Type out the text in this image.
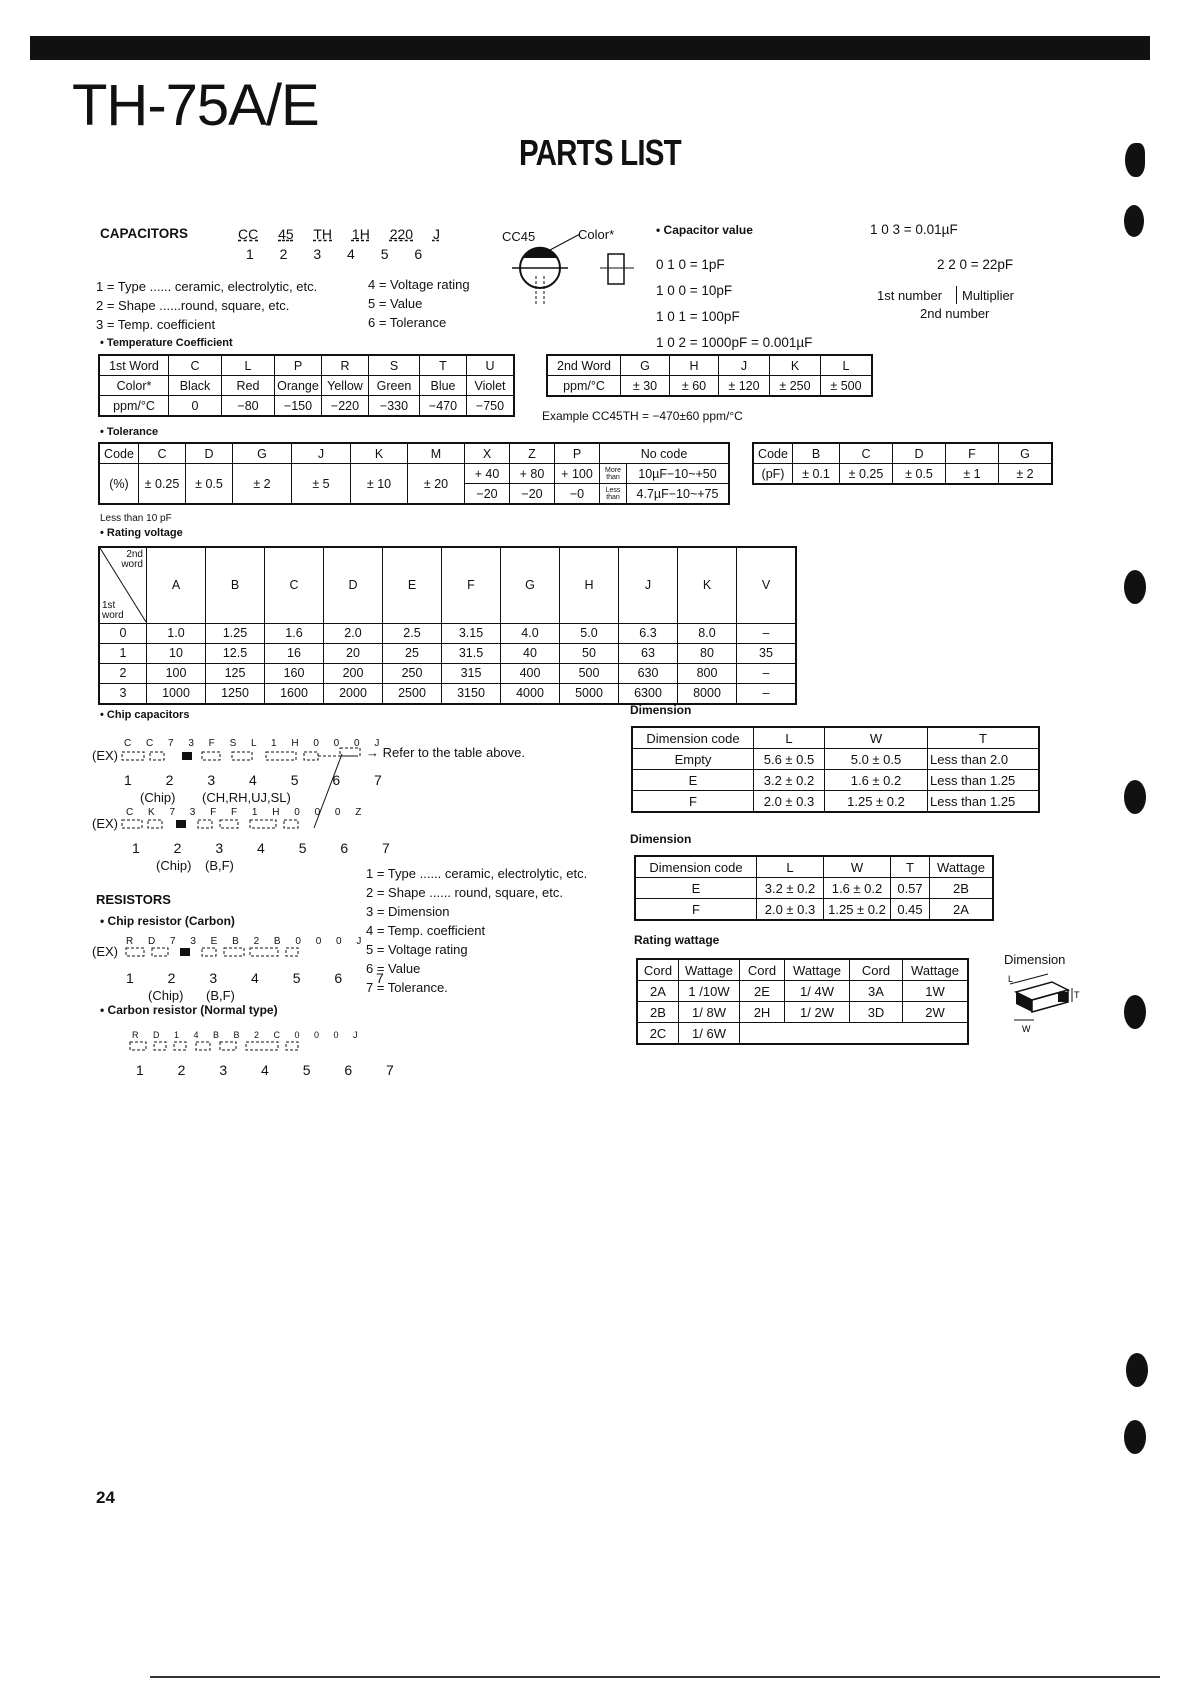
TH-75A/E
PARTS LIST
CAPACITORS	CC 45 TH 1H 220 J
1 2 3 4 5 6
1 = Type ...... ceramic, electrolytic, etc.
2 = Shape ......round, square, etc.
3 = Temp. coefficient
4 = Voltage rating
5 = Value
6 = Tolerance
CC45	Color*	• Capacitor value
0 1 0 = 1pF
1 0 0 = 10pF
1 0 1 = 100pF
1 0 2 = 1000pF = 0.001µF
1 0 3 = 0.01µF
2 2 0 = 22pF
1st number Multiplier
2nd number
• Temperature Coefficient
1st Word	C	L	P	R	S	T	U
Color*	Black	Red	Orange	Yellow	Green	Blue	Violet
ppm/°C	0	−80	−150	−220	−330	−470	−750
2nd Word	G	H	J	K	L
ppm/°C	± 30	± 60	± 120	± 250	± 500
Example CC45TH = −470±60 ppm/°C
• Tolerance
Code	C	D	G	J	K	M	X	Z	P	No code	
(%)	± 0.25	± 0.5	± 2	± 5	± 10	± 20	+ 40	+ 80	+ 100	More than	10µF−10~+50
							−20	−20	−0	Less than	4.7µF−10~+75
Code	B	C	D	F	G
(pF)	± 0.1	± 0.25	± 0.5	± 1	± 2
Less than 10 pF
• Rating voltage
2nd word
1st word	A	B	C	D	E	F	G	H	J	K	V
0	1.0	1.25	1.6	2.0	2.5	3.15	4.0	5.0	6.3	8.0	–
1	10	12.5	16	20	25	31.5	40	50	63	80	35
2	100	125	160	200	250	315	400	500	630	800	–
3	1000	1250	1600	2000	2500	3150	4000	5000	6300	8000	–
• Chip capacitors
C C 7 3 F S L 1 H 0 0 0 J
(EX)	→ Refer to the table above.
1 2 3 4 5 6 7
(Chip) (CH,RH,UJ,SL)
C K 7 3 F F 1 H 0 0 0 Z
(EX)
1 2 3 4 5 6 7
(Chip) (B,F)
1 = Type ...... ceramic, electrolytic, etc.
2 = Shape ...... round, square, etc.
3 = Dimension
4 = Temp. coefficient
5 = Voltage rating
6 = Value
7 = Tolerance.
RESISTORS
• Chip resistor (Carbon)
R D 7 3 E B 2 B 0 0 0 J
(EX)
1 2 3 4 5 6 7
(Chip) (B,F)
• Carbon resistor (Normal type)
R D 1 4 B B 2 C 0 0 0 J
1 2 3 4 5 6 7
Dimension
Dimension code	L	W	T
Empty	5.6 ± 0.5	5.0 ± 0.5	Less than 2.0
E	3.2 ± 0.2	1.6 ± 0.2	Less than 1.25
F	2.0 ± 0.3	1.25 ± 0.2	Less than 1.25
Dimension
Dimension code	L	W	T	Wattage
E	3.2 ± 0.2	1.6 ± 0.2	0.57	2B
F	2.0 ± 0.3	1.25 ± 0.2	0.45	2A
Rating wattage
Cord	Wattage	Cord	Wattage	Cord	Wattage
2A	1 /10W	2E	1/ 4W	3A	1W
2B	1/ 8W	2H	1/ 2W	3D	2W
2C	1/ 6W				
Dimension
W
L
T
24
